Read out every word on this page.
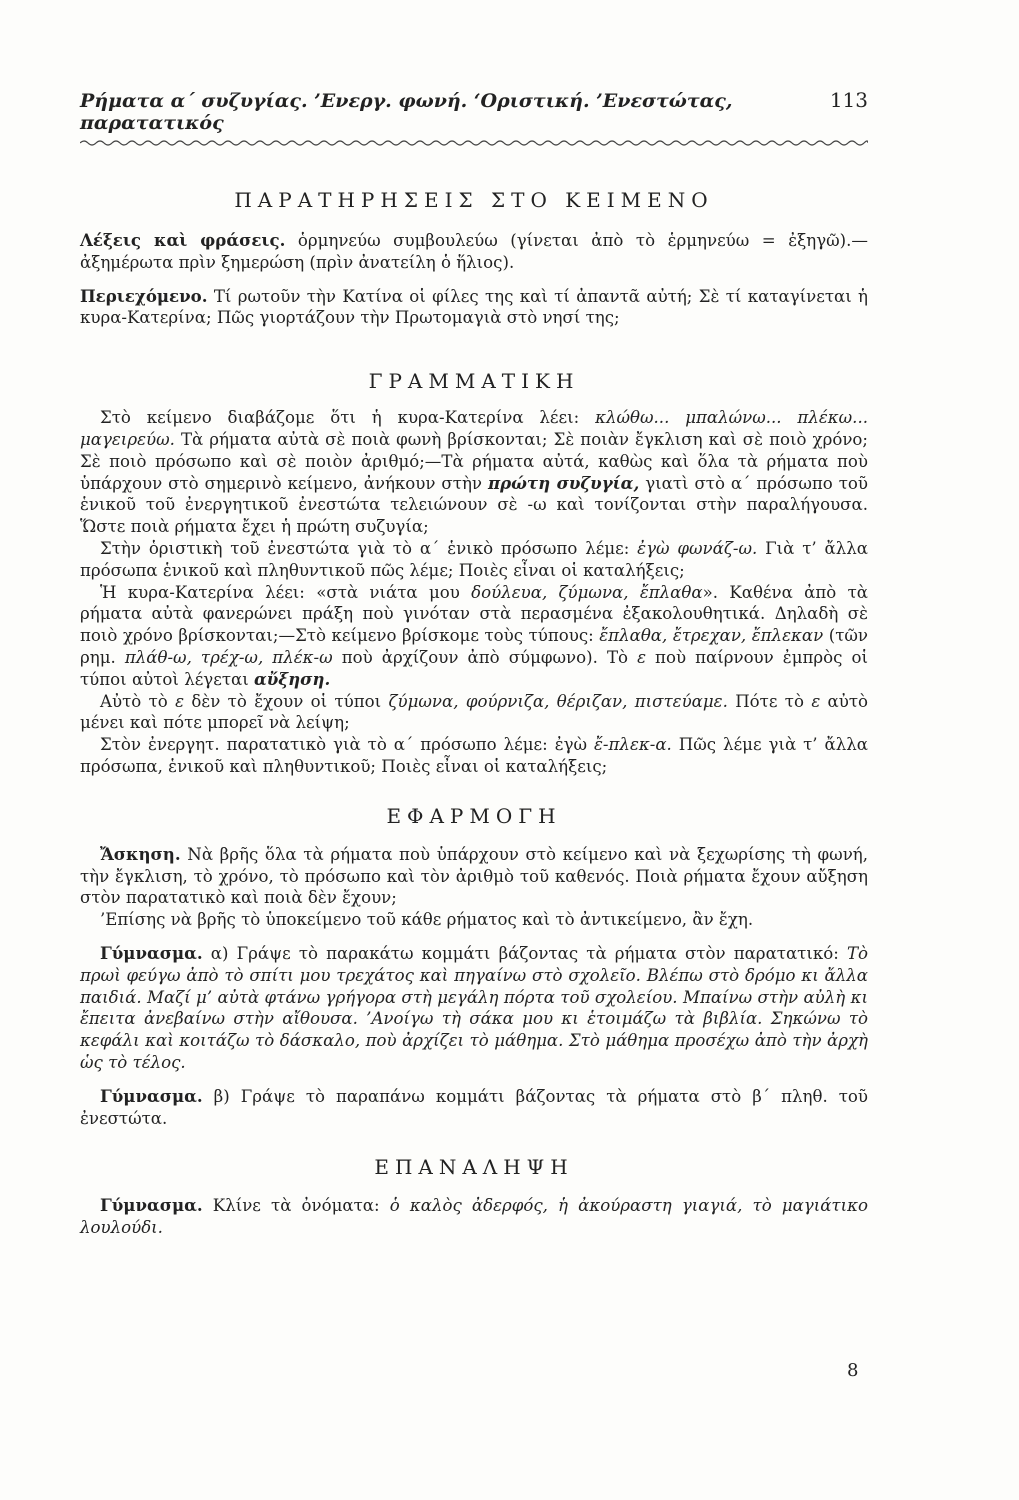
Ρήματα α΄ συζυγίας. ’Ενεργ. φωνή. ‘Οριστική. ’Ενεστώτας, παρατατικός
113
ΠΑΡΑΤΗΡΗΣΕΙΣ ΣΤΟ ΚΕΙΜΕΝΟ

Λέξεις καὶ φράσεις. ὁρμηνεύω συμβουλεύω (γίνεται ἀπὸ τὸ ἑρμηνεύω = ἐξηγῶ).—ἀξημέρωτα πρὶν ξημερώση (πρὶν ἀνατείλη ὁ ἥλιος).

Περιεχόμενο. Τί ρωτοῦν τὴν Κατίνα οἱ φίλες της καὶ τί ἀπαντᾶ αὐτή; Σὲ τί καταγίνεται ἡ κυρα-Κατερίνα; Πῶς γιορτάζουν τὴν Πρωτομαγιὰ στὸ νησί της;

ΓΡΑΜΜΑΤΙΚΗ

Στὸ κείμενο διαβάζομε ὅτι ἡ κυρα-Κατερίνα λέει: κλώθω... μπαλώνω... πλέκω... μαγειρεύω. Τὰ ρήματα αὐτὰ σὲ ποιὰ φωνὴ βρίσκονται; Σὲ ποιὰν ἔγκλιση καὶ σὲ ποιὸ χρόνο; Σὲ ποιὸ πρόσωπο καὶ σὲ ποιὸν ἀριθμό;—Τὰ ρήματα αὐτά, καθὼς καὶ ὅλα τὰ ρήματα ποὺ ὑπάρχουν στὸ σημερινὸ κείμενο, ἀνήκουν στὴν πρώτη συζυγία, γιατὶ στὸ α΄ πρόσωπο τοῦ ἑνικοῦ τοῦ ἐνεργητικοῦ ἐνεστώτα τελειώνουν σὲ -ω καὶ τονίζονται στὴν παραλήγουσα. Ὥστε ποιὰ ρήματα ἔχει ἡ πρώτη συζυγία;

Στὴν ὁριστικὴ τοῦ ἐνεστώτα γιὰ τὸ α΄ ἑνικὸ πρόσωπο λέμε: ἐγὼ φωνάζ-ω. Γιὰ τ’ ἄλλα πρόσωπα ἑνικοῦ καὶ πληθυντικοῦ πῶς λέμε; Ποιὲς εἶναι οἱ καταλήξεις;

Ἡ κυρα-Κατερίνα λέει: «στὰ νιάτα μου δούλευα, ζύμωνα, ἔπλαθα». Καθένα ἀπὸ τὰ ρήματα αὐτὰ φανερώνει πράξη ποὺ γινόταν στὰ περασμένα ἐξακολουθητικά. Δηλαδὴ σὲ ποιὸ χρόνο βρίσκονται;—Στὸ κείμενο βρίσκομε τοὺς τύπους: ἔπλαθα, ἔτρεχαν, ἔπλεκαν (τῶν ρημ. πλάθ-ω, τρέχ-ω, πλέκ-ω ποὺ ἀρχίζουν ἀπὸ σύμφωνο). Τὸ ε ποὺ παίρνουν ἐμπρὸς οἱ τύποι αὐτοὶ λέγεται αὔξηση.

Αὐτὸ τὸ ε δὲν τὸ ἔχουν οἱ τύποι ζύμωνα, φούρνιζα, θέριζαν, πιστεύαμε. Πότε τὸ ε αὐτὸ μένει καὶ πότε μπορεῖ νὰ λείψη;

Στὸν ἐνεργητ. παρατατικὸ γιὰ τὸ α΄ πρόσωπο λέμε: ἐγὼ ἔ-πλεκ-α. Πῶς λέμε γιὰ τ’ ἄλλα πρόσωπα, ἑνικοῦ καὶ πληθυντικοῦ; Ποιὲς εἶναι οἱ καταλήξεις;

ΕΦΑΡΜΟΓΗ

Ἄσκηση. Νὰ βρῆς ὅλα τὰ ρήματα ποὺ ὑπάρχουν στὸ κείμενο καὶ νὰ ξεχωρίσης τὴ φωνή, τὴν ἔγκλιση, τὸ χρόνο, τὸ πρόσωπο καὶ τὸν ἀριθμὸ τοῦ καθενός. Ποιὰ ρήματα ἔχουν αὔξηση στὸν παρατατικὸ καὶ ποιὰ δὲν ἔχουν;

’Επίσης νὰ βρῆς τὸ ὑποκείμενο τοῦ κάθε ρήματος καὶ τὸ ἀντικείμενο, ἂν ἔχη.

Γύμνασμα. α) Γράψε τὸ παρακάτω κομμάτι βάζοντας τὰ ρήματα στὸν παρατατικό: Τὸ πρωὶ φεύγω ἀπὸ τὸ σπίτι μου τρεχάτος καὶ πηγαίνω στὸ σχολεῖο. Βλέπω στὸ δρόμο κι ἄλλα παιδιά. Μαζί μ’ αὐτὰ φτάνω γρήγορα στὴ μεγάλη πόρτα τοῦ σχολείου. Μπαίνω στὴν αὐλὴ κι ἔπειτα ἀνεβαίνω στὴν αἴθουσα. ’Ανοίγω τὴ σάκα μου κι ἑτοιμάζω τὰ βιβλία. Σηκώνω τὸ κεφάλι καὶ κοιτάζω τὸ δάσκαλο, ποὺ ἀρχίζει τὸ μάθημα. Στὸ μάθημα προσέχω ἀπὸ τὴν ἀρχὴ ὡς τὸ τέλος.

Γύμνασμα. β) Γράψε τὸ παραπάνω κομμάτι βάζοντας τὰ ρήματα στὸ β΄ πληθ. τοῦ ἐνεστώτα.

ΕΠΑΝΑΛΗΨΗ

Γύμνασμα. Κλίνε τὰ ὀνόματα: ὁ καλὸς ἀδερφός, ἡ ἀκούραστη γιαγιά, τὸ μαγιάτικο λουλούδι.

8
